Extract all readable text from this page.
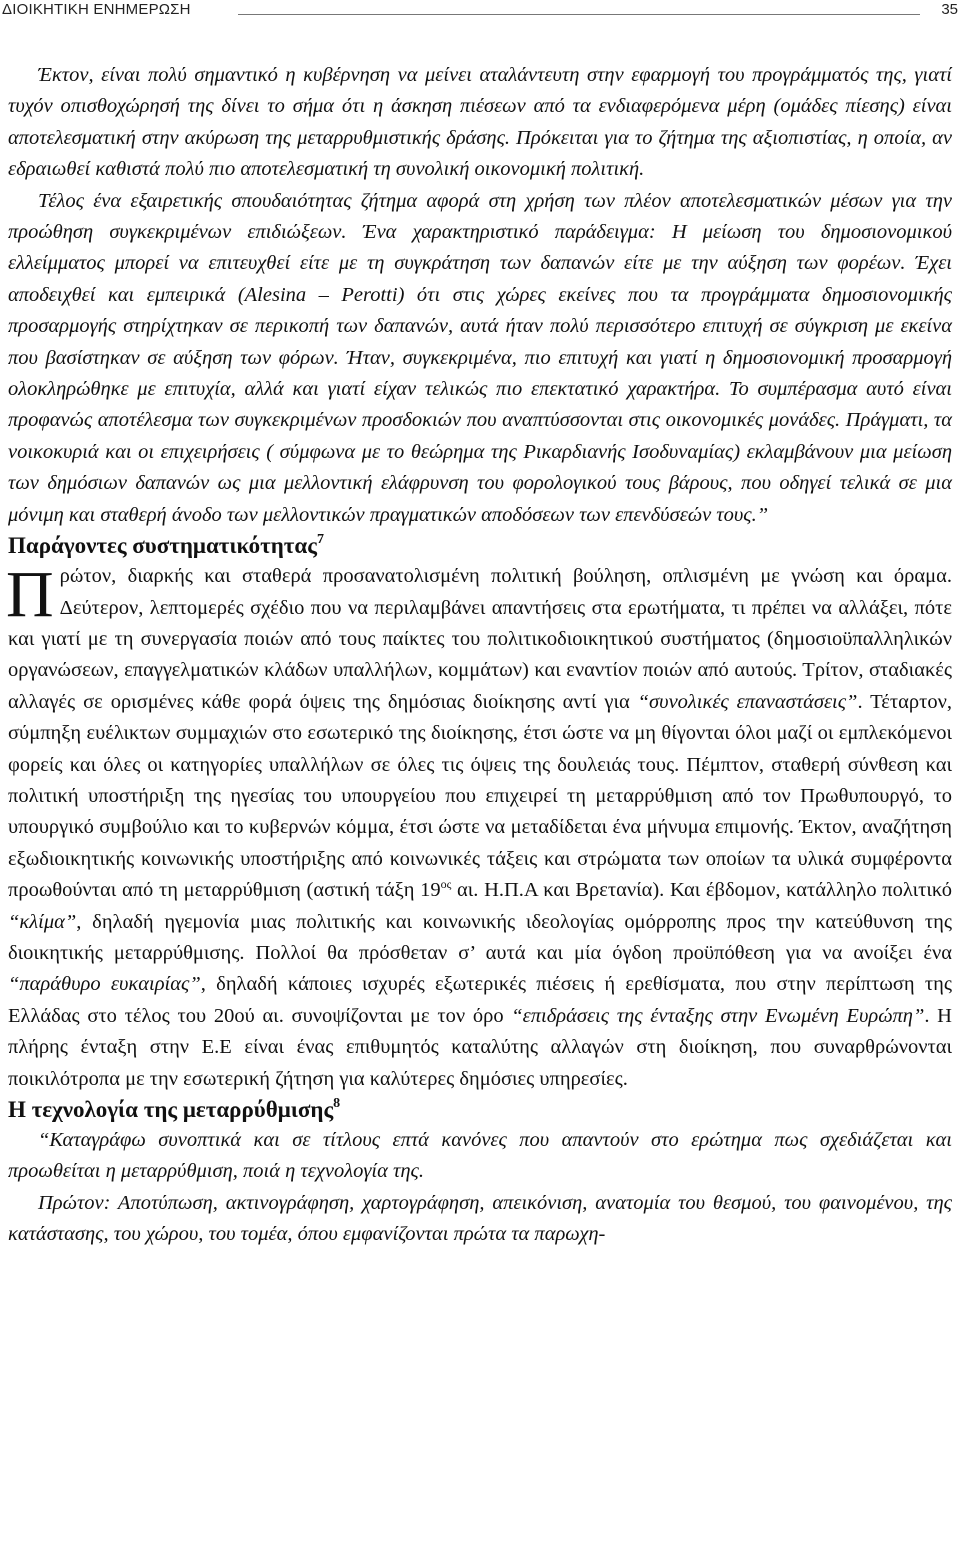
ΔΙΟΙΚΗΤΙΚΗ ΕΝΗΜΕΡΩΣΗ	35

Έκτον, είναι πολύ σημαντικό η κυβέρνηση να μείνει αταλάντευτη στην εφαρμογή του προγράμματός της, γιατί τυχόν οπισθοχώρησή της δίνει το σήμα ότι η άσκηση πιέσεων από τα ενδιαφερόμενα μέρη (ομάδες πίεσης) είναι αποτελεσματική στην ακύρωση της μεταρρυθμιστικής δράσης. Πρόκειται για το ζήτημα της αξιοπιστίας, η οποία, αν εδραιωθεί καθιστά πολύ πιο αποτελεσματική τη συνολική οικονομική πολιτική.

Τέλος ένα εξαιρετικής σπουδαιότητας ζήτημα αφορά στη χρήση των πλέον αποτελεσματικών μέσων για την προώθηση συγκεκριμένων επιδιώξεων. Ένα χαρακτηριστικό παράδειγμα: Η μείωση του δημοσιονομικού ελλείμματος μπορεί να επιτευχθεί είτε με τη συγκράτηση των δαπανών είτε με την αύξηση των φορέων. Έχει αποδειχθεί και εμπειρικά (Alesina – Perotti) ότι στις χώρες εκείνες που τα προγράμματα δημοσιονομικής προσαρμογής στηρίχτηκαν σε περικοπή των δαπανών, αυτά ήταν πολύ περισσότερο επιτυχή σε σύγκριση με εκείνα που βασίστηκαν σε αύξηση των φόρων. Ήταν, συγκεκριμένα, πιο επιτυχή και γιατί η δημοσιονομική προσαρμογή ολοκληρώθηκε με επιτυχία, αλλά και γιατί είχαν τελικώς πιο επεκτατικό χαρακτήρα. Το συμπέρασμα αυτό είναι προφανώς αποτέλεσμα των συγκεκριμένων προσδοκιών που αναπτύσσονται στις οικονομικές μονάδες. Πράγματι, τα νοικοκυριά και οι επιχειρήσεις ( σύμφωνα με το θεώρημα της Ρικαρδιανής Ισοδυναμίας) εκλαμβάνουν μια μείωση των δημόσιων δαπανών ως μια μελλοντική ελάφρυνση του φορολογικού τους βάρους, που οδηγεί τελικά σε μια μόνιμη και σταθερή άνοδο των μελλοντικών πραγματικών αποδόσεων των επενδύσεών τους.”

Παράγοντες συστηματικότητας$^7$

Πρώτον, διαρκής και σταθερά προσανατολισμένη πολιτική βούληση, οπλισμένη με γνώση και όραμα. Δεύτερον, λεπτομερές σχέδιο που να περιλαμβάνει απαντήσεις στα ερωτήματα, τι πρέπει να αλλάξει, πότε και γιατί με τη συνεργασία ποιών από τους παίκτες του πολιτικοδιοικητικού συστήματος (δημοσιοϋπαλληλικών οργανώσεων, επαγγελματικών κλάδων υπαλλήλων, κομμάτων) και εναντίον ποιών από αυτούς. Τρίτον, σταδιακές αλλαγές σε ορισμένες κάθε φορά όψεις της δημόσιας διοίκησης αντί για “συνολικές επαναστάσεις”. Τέταρτον, σύμπηξη ευέλικτων συμμαχιών στο εσωτερικό της διοίκησης, έτσι ώστε να μη θίγονται όλοι μαζί οι εμπλεκόμενοι φορείς και όλες οι κατηγορίες υπαλλήλων σε όλες τις όψεις της δουλειάς τους. Πέμπτον, σταθερή σύνθεση και πολιτική υποστήριξη της ηγεσίας του υπουργείου που επιχειρεί τη μεταρρύθμιση από τον Πρωθυπουργό, το υπουργικό συμβούλιο και το κυβερνών κόμμα, έτσι ώστε να μεταδίδεται ένα μήνυμα επιμονής. Έκτον, αναζήτηση εξωδιοικητικής κοινωνικής υποστήριξης από κοινωνικές τάξεις και στρώματα των οποίων τα υλικά συμφέροντα προωθούνται από τη μεταρρύθμιση (αστική τάξη $19^{o\varsigma}$ αι. Η.Π.Α και Βρετανία). Και έβδομον, κατάλληλο πολιτικό “κλίμα”, δηλαδή ηγεμονία μιας πολιτικής και κοινωνικής ιδεολογίας ομόρροπης προς την κατεύθυνση της διοικητικής μεταρρύθμισης. Πολλοί θα πρόσθεταν σ’ αυτά και μία όγδοη προϋπόθεση για να ανοίξει ένα “παράθυρο ευκαιρίας”, δηλαδή κάποιες ισχυρές εξωτερικές πιέσεις ή ερεθίσματα, που στην περίπτωση της Ελλάδας στο τέλος του 20ού αι. συνοψίζονται με τον όρο “επιδράσεις της ένταξης στην Ενωμένη Ευρώπη”. Η πλήρης ένταξη στην Ε.Ε είναι ένας επιθυμητός καταλύτης αλλαγών στη διοίκηση, που συναρθρώνονται ποικιλότροπα με την εσωτερική ζήτηση για καλύτερες δημόσιες υπηρεσίες.

Η τεχνολογία της μεταρρύθμισης$^8$

“Καταγράφω συνοπτικά και σε τίτλους επτά κανόνες που απαντούν στο ερώτημα πως σχεδιάζεται και προωθείται η μεταρρύθμιση, ποιά η τεχνολογία της.

Πρώτον: Αποτύπωση, ακτινογράφηση, χαρτογράφηση, απεικόνιση, ανατομία του θεσμού, του φαινομένου, της κατάστασης, του χώρου, του τομέα, όπου εμφανίζονται πρώτα τα παρωχη-
